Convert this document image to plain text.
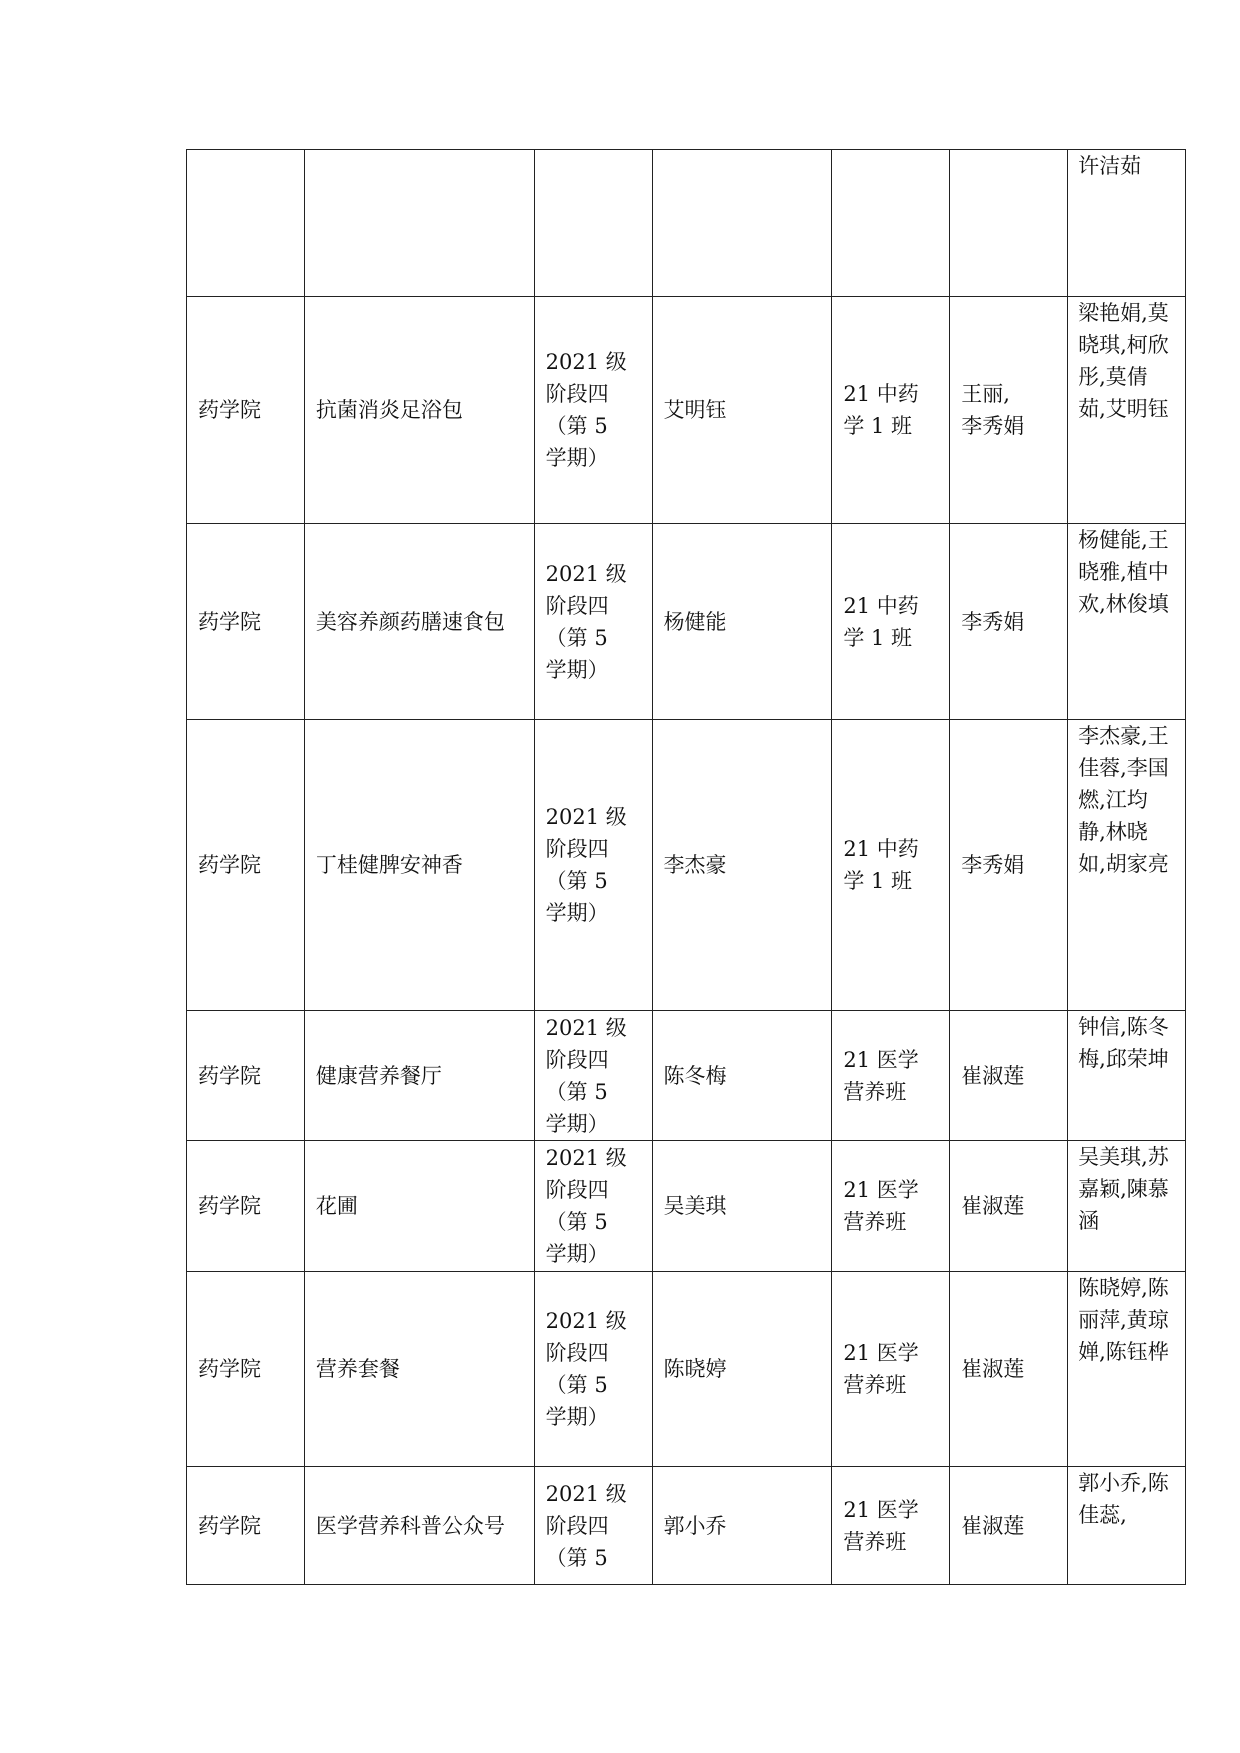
						许洁茹
药学院	抗菌消炎足浴包	2021 级
阶段四
（第 5
学期）	艾明钰	21 中药
学 1 班	王丽,
李秀娟	梁艳娟,莫晓琪,柯欣彤,莫倩茹,艾明钰
药学院	美容养颜药膳速食包	2021 级
阶段四
（第 5
学期）	杨健能	21 中药
学 1 班	李秀娟	杨健能,王晓雅,植中欢,林俊填
药学院	丁桂健脾安神香	2021 级
阶段四
（第 5
学期）	李杰豪	21 中药
学 1 班	李秀娟	李杰豪,王佳蓉,李国燃,江均静,林晓如,胡家亮
药学院	健康营养餐厅	2021 级
阶段四
（第 5
学期）	陈冬梅	21 医学
营养班	崔淑莲	钟信,陈冬梅,邱荣坤
药学院	花圃	2021 级
阶段四
（第 5
学期）	吴美琪	21 医学
营养班	崔淑莲	吴美琪,苏嘉颖,陳慕涵
药学院	营养套餐	2021 级
阶段四
（第 5
学期）	陈晓婷	21 医学
营养班	崔淑莲	陈晓婷,陈丽萍,黄琼婵,陈钰桦
药学院	医学营养科普公众号	2021 级
阶段四
（第 5	郭小乔	21 医学
营养班	崔淑莲	郭小乔,陈佳蕊,
